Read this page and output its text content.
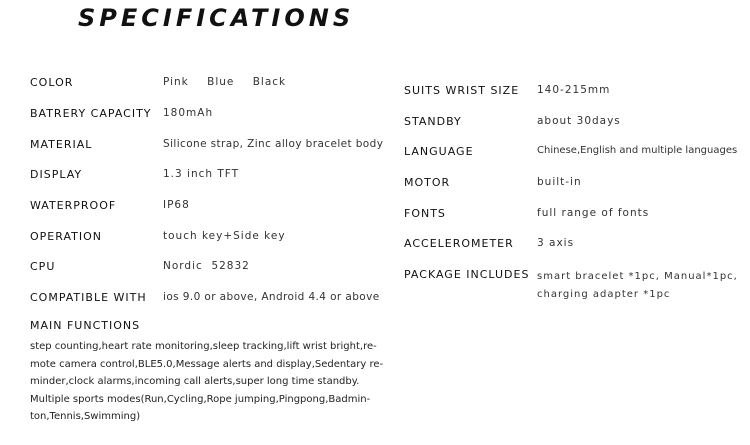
SPECIFICATIONS
COLOR	Pink Blue Black
BATRERY CAPACITY 180mAh
MATERIAL	Silicone strap, Zinc alloy bracelet body
DISPLAY	1.3 inch TFT
WATERPROOF	IP68
OPERATION	touch key+Side key
CPU	Nordic  52832
COMPATIBLE WITH ios 9.0 or above, Android 4.4 or above
MAIN FUNCTIONS
step counting,heart rate monitoring,sleep tracking,lift wrist bright,re-
mote camera control,BLE5.0,Message alerts and display,Sedentary re-
minder,clock alarms,incoming call alerts,super long time standby.
Multiple sports modes(Run,Cycling,Rope jumping,Pingpong,Badmin-
ton,Tennis,Swimming)
SUITS WRIST SIZE 140-215mm
STANDBY	about 30days
LANGUAGE	Chinese,English and multiple languages
MOTOR	built-in
FONTS	full range of fonts
ACCELEROMETER 3 axis
PACKAGE INCLUDES smart bracelet *1pc, Manual*1pc,
charging adapter *1pc
